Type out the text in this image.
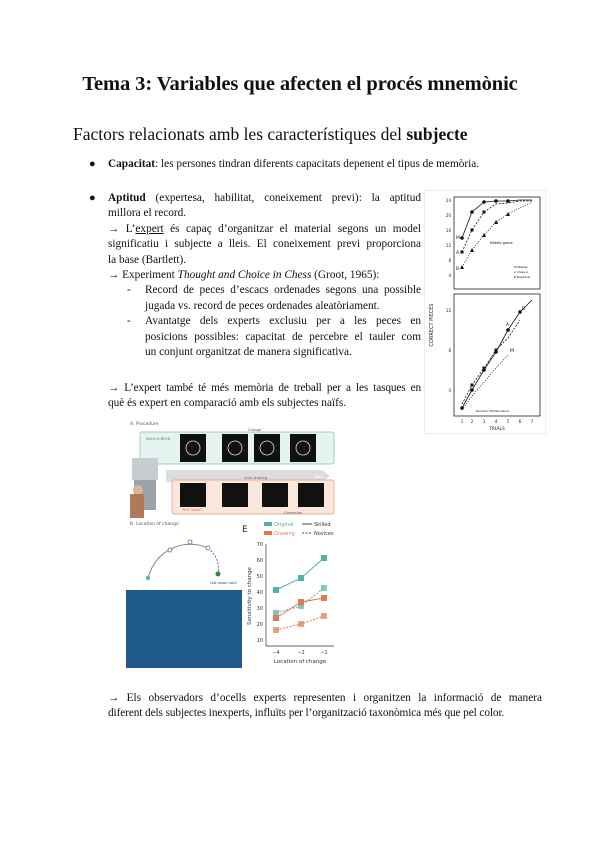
Tema 3: Variables que afecten el procés mnemònic
Factors relacionats amb les característiques del subjecte
● Capacitat: les persones tindran diferents capacitats depenent el tipus de memòria.
● Aptitud (expertesa, habilitat, coneixement previ): la aptitud
millora el record.
→ L’expert és capaç d’organitzar el material segons un model
significatiu i subjecte a lleis. El coneixement previ proporciona
la base (Bartlett).
→ Experiment Thought and Choice in Chess (Groot, 1965):
- Record de peces d’escacs ordenades segons una possible
jugada vs. record de peces ordenades aleatòriament.
- Avantatge dels experts exclusiu per a les peces en
posicions possibles: capacitat de percebre el tauler com
un conjunt organitzat de manera significativa.
→ L’expert també té més memòria de treball per a les tasques en
què és expert en comparació amb els subjectes naïfs.
24
20
16
12
8
4
M
A
B
Middle game
M Master
A Class A
B Beginner
12
8
4
A
B
M
Random Middle Game
1 2 3 4 5 6 7
TRIALS
CORRECT PIECES
A. Procedure
MAIN SCREEN
Change
Until drawing	Time
PEN TABLET
Correction
B. Location of change
Last drawn point
E	Original
Drawing
Skilled
Novices
70
60
50
40
30
20
10
−4	−2	−1
Location of change
Sensitivity to change
→ Els observadors d’ocells experts representen i organitzen la informació de manera
diferent dels subjectes inexperts, influïts per l’organització taxonòmica més que pel color.
